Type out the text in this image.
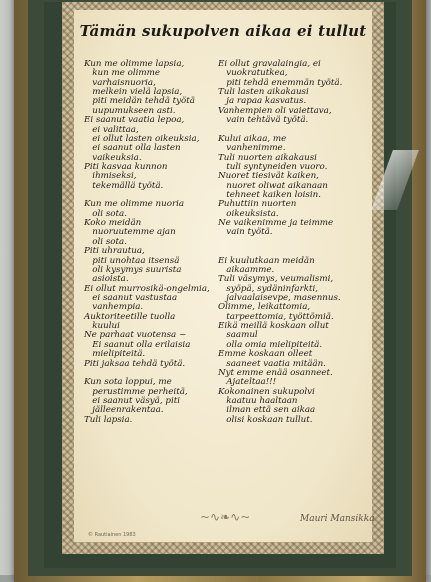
Tämän sukupolven aikaa ei tullut
Kun me olimme lapsia,
kun me olimme
varhaisnuoria,
melkein vielä lapsia,
piti meidän tehdä työtä
uupumukseen asti.
Ei saanut vaatia lepoa,
ei valittaa,
ei ollut lasten oikeuksia,
ei saanut olla lasten
vaikeuksia.
Piti kasvaa kunnon
ihmiseksi,
tekemällä työtä.
Kun me olimme nuoria
oli sota.
Koko meidän
nuoruutemme ajan
oli sota.
Piti uhrautua,
piti unohtaa itsensä
oli kysymys suurista
asioista.
Ei ollut murrosikä-ongelmia,
ei saanut vastustaa
vanhempia.
Auktoriteetille tuolla
kuului
Ne parhaat vuotensa ~
Ei saanut olla erilaisia
mielipiteitä.
Piti jaksaa tehdä työtä.
Kun sota loppui, me
perustimme perheitä,
ei saanut väsyä, piti
jälleenrakentaa.
Tuli lapsia.
Ei ollut gravalaingia, ei
vuokratutkea,
piti tehdä enemmän työtä.
Tuli lasten aikakausi
ja rapaa kasvatus.
Vanhempien oli vaiettava,
vain tehtävä työtä.
Kului aikaa, me
vanhenimme.
Tuli nuorten aikakausi
tuli syntyneiden vuoro.
Nuoret tiesivät kaiken,
nuoret oliwat aikanaan
tehneet kaiken loisin.
Puhuttiin nuorten
oikeuksista.
Ne vaikenimme ja teimme
vain työtä.
Ei kuulutkaan meidän
aikaamme.
Tuli väsymys, veumalismi,
syöpä, sydäninfarkti,
jalvaalaisevpe, masennus.
Olimme, leikattomia,
tarpeettomia, työttömiä.
Eikä meillä koskaan ollut
saamul
olla omia mielipiteitä.
Emme koskaan olleet
saaneet vaatia mitään.
Nyt emme enää osanneet.
Ajateltaa!!!
Kokonainen sukupolvi
kaatuu haaltaan
ilman että sen aikaa
olisi koskaan tullut.
~∿❧∿~	Mauri Mansikka
© Rautiainen 1983
